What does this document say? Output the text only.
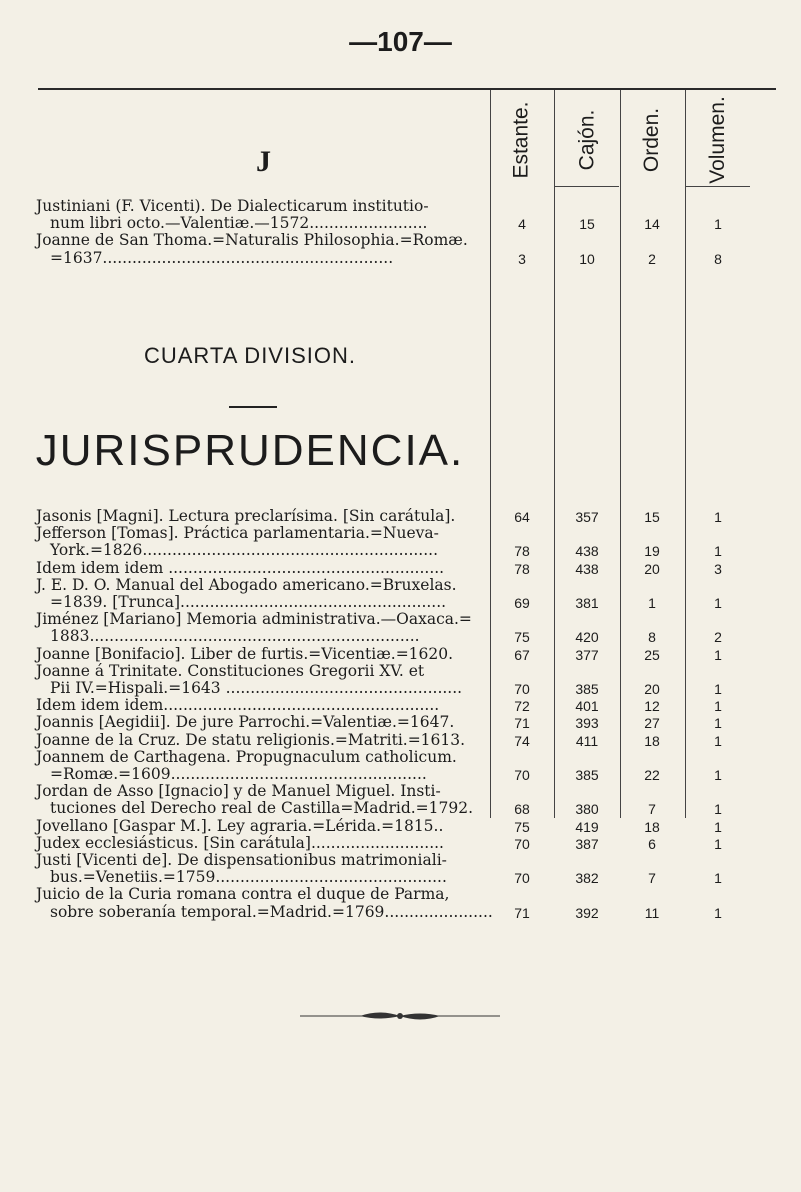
—107—
Estante. Cajón. Orden. Volumen.
J
Justiniani (F. Vicenti). De Dialecticarum institutio-
num libri octo.—Valentiæ.—1572........................	4	15	14	1
Joanne de San Thoma.=Naturalis Philosophia.=Romæ.
=1637...........................................................	3	10	2	8
CUARTA DIVISION.
JURISPRUDENCIA.
Jasonis [Magni]. Lectura preclarísima. [Sin carátula].	64	357	15	1
Jefferson [Tomas]. Práctica parlamentaria.=Nueva-
York.=1826............................................................	78	438	19	1
Idem idem idem ........................................................	78	438	20	3
J. E. D. O. Manual del Abogado americano.=Bruxelas.
=1839. [Trunca]......................................................	69	381	1	1
Jiménez [Mariano] Memoria administrativa.—Oaxaca.=
1883...................................................................	75	420	8	2
Joanne [Bonifacio]. Liber de furtis.=Vicentiæ.=1620.	67	377	25	1
Joanne á Trinitate. Constituciones Gregorii XV. et
Pii IV.=Hispali.=1643 ................................................	70	385	20	1
Idem idem idem........................................................	72	401	12	1
Joannis [Aegidii]. De jure Parrochi.=Valentiæ.=1647.	71	393	27	1
Joanne de la Cruz. De statu religionis.=Matriti.=1613.	74	411	18	1
Joannem de Carthagena. Propugnaculum catholicum.
=Romæ.=1609....................................................	70	385	22	1
Jordan de Asso [Ignacio] y de Manuel Miguel. Insti-
tuciones del Derecho real de Castilla=Madrid.=1792.	68	380	7	1
Jovellano [Gaspar M.]. Ley agraria.=Lérida.=1815..	75	419	18	1
Judex ecclesiásticus. [Sin carátula]...........................	70	387	6	1
Justi [Vicenti de]. De dispensationibus matrimoniali-
bus.=Venetiis.=1759...............................................	70	382	7	1
Juicio de la Curia romana contra el duque de Parma,
sobre soberanía temporal.=Madrid.=1769......................	71	392	11	1
